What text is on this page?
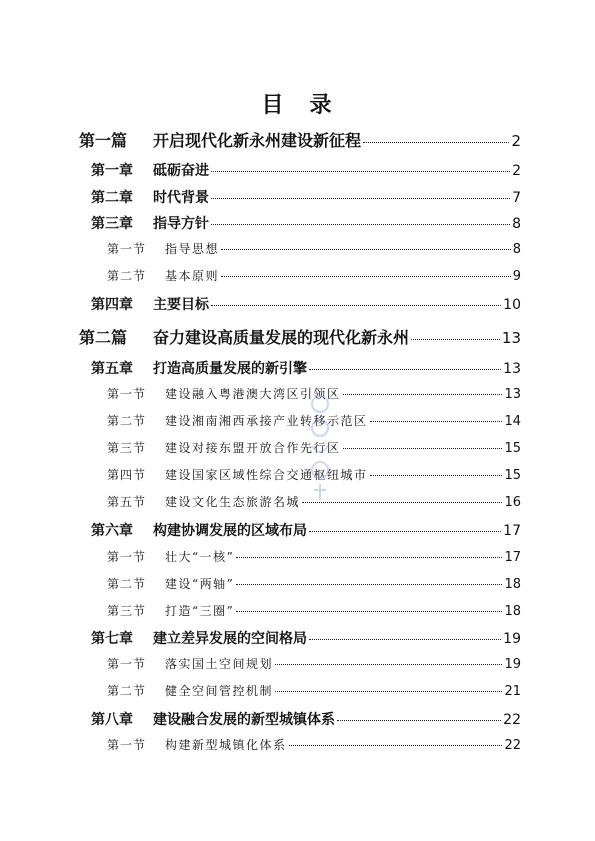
目　录
第一篇	开启现代化新永州建设新征程	2
第一章	砥砺奋进	2
第二章	时代背景	7
第三章	指导方针	8
第一节	指导思想	8
第二节	基本原则	9
第四章	主要目标	10
第二篇	奋力建设高质量发展的现代化新永州	13
第五章	打造高质量发展的新引擎	13
第一节	建设融入粤港澳大湾区引领区	13
第二节	建设湘南湘西承接产业转移示范区	14
第三节	建设对接东盟开放合作先行区	15
第四节	建设国家区域性综合交通枢纽城市	15
第五节	建设文化生态旅游名城	16
第六章	构建协调发展的区域布局	17
第一节	壮大“一核”	17
第二节	建设“两轴”	18
第三节	打造“三圈”	18
第七章	建立差异发展的空间格局	19
第一节	落实国土空间规划	19
第二节	健全空间管控机制	21
第八章	建设融合发展的新型城镇体系	22
第一节	构建新型城镇化体系	22
